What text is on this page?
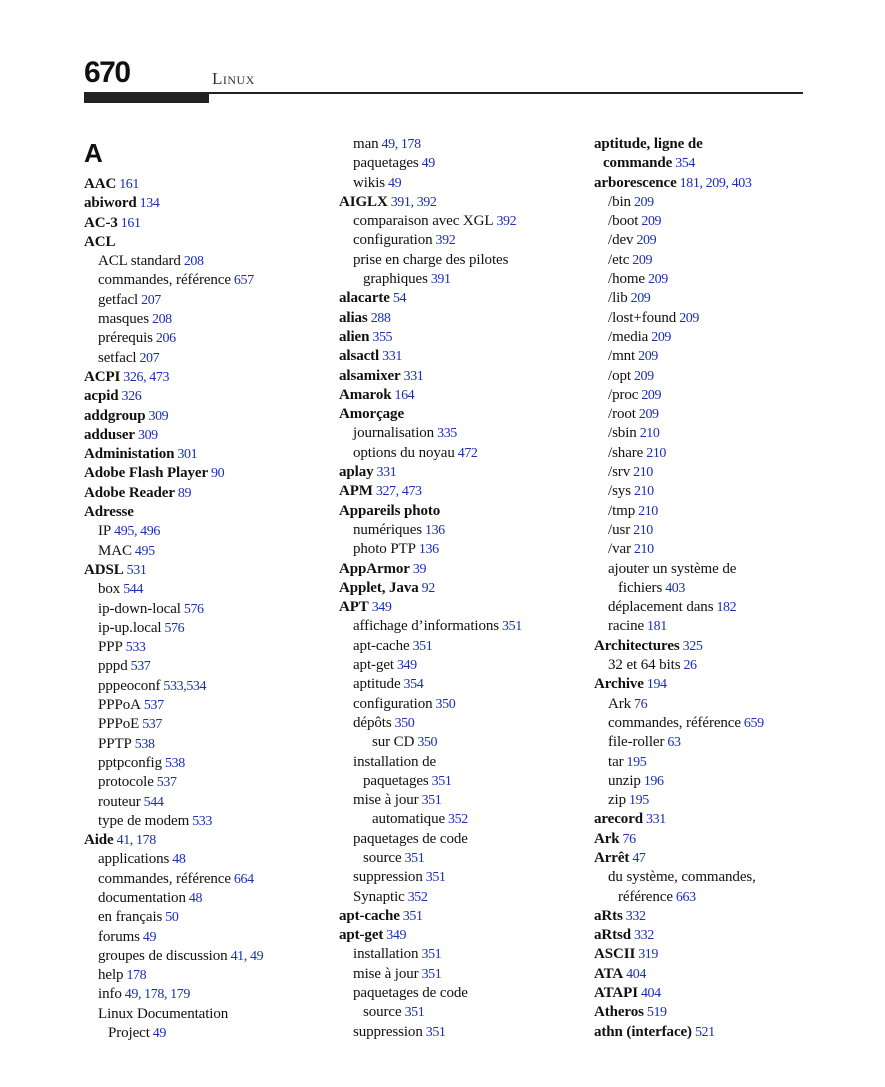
670	Linux
A
AAC 161
abiword 134
AC-3 161
ACL
ACL standard 208
commandes, référence 657
getfacl 207
masques 208
prérequis 206
setfacl 207
ACPI 326, 473
acpid 326
addgroup 309
adduser 309
Administation 301
Adobe Flash Player 90
Adobe Reader 89
Adresse
IP 495, 496
MAC 495
ADSL 531
box 544
ip-down-local 576
ip-up.local 576
PPP 533
pppd 537
pppeoconf 533,534
PPPoA 537
PPPoE 537
PPTP 538
pptpconfig 538
protocole 537
routeur 544
type de modem 533
Aide 41, 178
applications 48
commandes, référence 664
documentation 48
en français 50
forums 49
groupes de discussion 41, 49
help 178
info 49, 178, 179
Linux Documentation
Project 49
man 49, 178
paquetages 49
wikis 49
AIGLX 391, 392
comparaison avec XGL 392
configuration 392
prise en charge des pilotes
graphiques 391
alacarte 54
alias 288
alien 355
alsactl 331
alsamixer 331
Amarok 164
Amorçage
journalisation 335
options du noyau 472
aplay 331
APM 327, 473
Appareils photo
numériques 136
photo PTP 136
AppArmor 39
Applet, Java 92
APT 349
affichage d’informations 351
apt-cache 351
apt-get 349
aptitude 354
configuration 350
dépôts 350
sur CD 350
installation de
paquetages 351
mise à jour 351
automatique 352
paquetages de code
source 351
suppression 351
Synaptic 352
apt-cache 351
apt-get 349
installation 351
mise à jour 351
paquetages de code
source 351
suppression 351
aptitude, ligne de
commande 354
arborescence 181, 209, 403
/bin 209
/boot 209
/dev 209
/etc 209
/home 209
/lib 209
/lost+found 209
/media 209
/mnt 209
/opt 209
/proc 209
/root 209
/sbin 210
/share 210
/srv 210
/sys 210
/tmp 210
/usr 210
/var 210
ajouter un système de
fichiers 403
déplacement dans 182
racine 181
Architectures 325
32 et 64 bits 26
Archive 194
Ark 76
commandes, référence 659
file-roller 63
tar 195
unzip 196
zip 195
arecord 331
Ark 76
Arrêt 47
du système, commandes,
référence 663
aRts 332
aRtsd 332
ASCII 319
ATA 404
ATAPI 404
Atheros 519
athn (interface) 521
